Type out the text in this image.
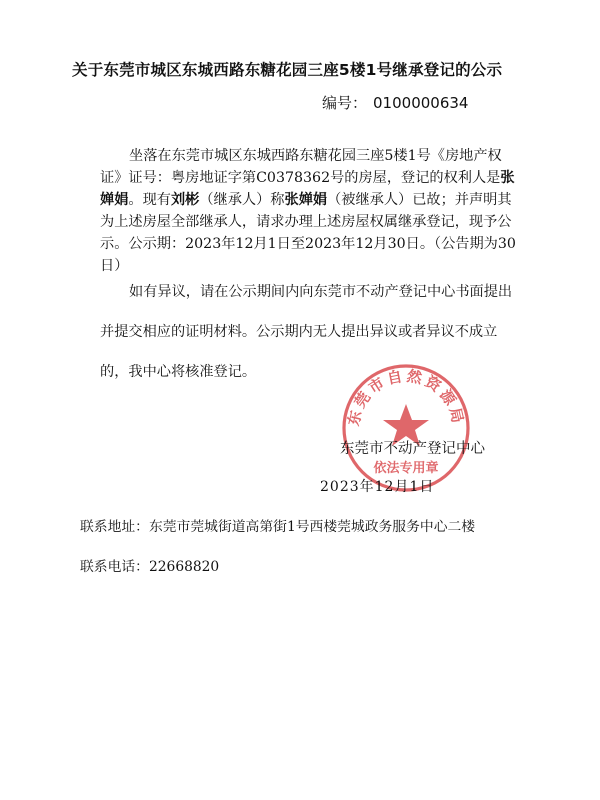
关于东莞市城区东城西路东糖花园三座5楼1号继承登记的公示
编号： 0100000634
坐落在东莞市城区东城西路东糖花园三座5楼1号《房地产权证》证号：粤房地证字第C0378362号的房屋，登记的权利人是张婵娟。现有刘彬（继承人）称张婵娟（被继承人）已故；并声明其为上述房屋全部继承人，请求办理上述房屋权属继承登记，现予公示。公示期：2023年12月1日至2023年12月30日。（公告期为30日）
如有异议，请在公示期间内向东莞市不动产登记中心书面提出并提交相应的证明材料。公示期内无人提出异议或者异议不成立的，我中心将核准登记。
东莞市自然资源局
依法专用章
东莞市不动产登记中心
2023年12月1日
联系地址：东莞市莞城街道高第街1号西楼莞城政务服务中心二楼
联系电话：22668820
